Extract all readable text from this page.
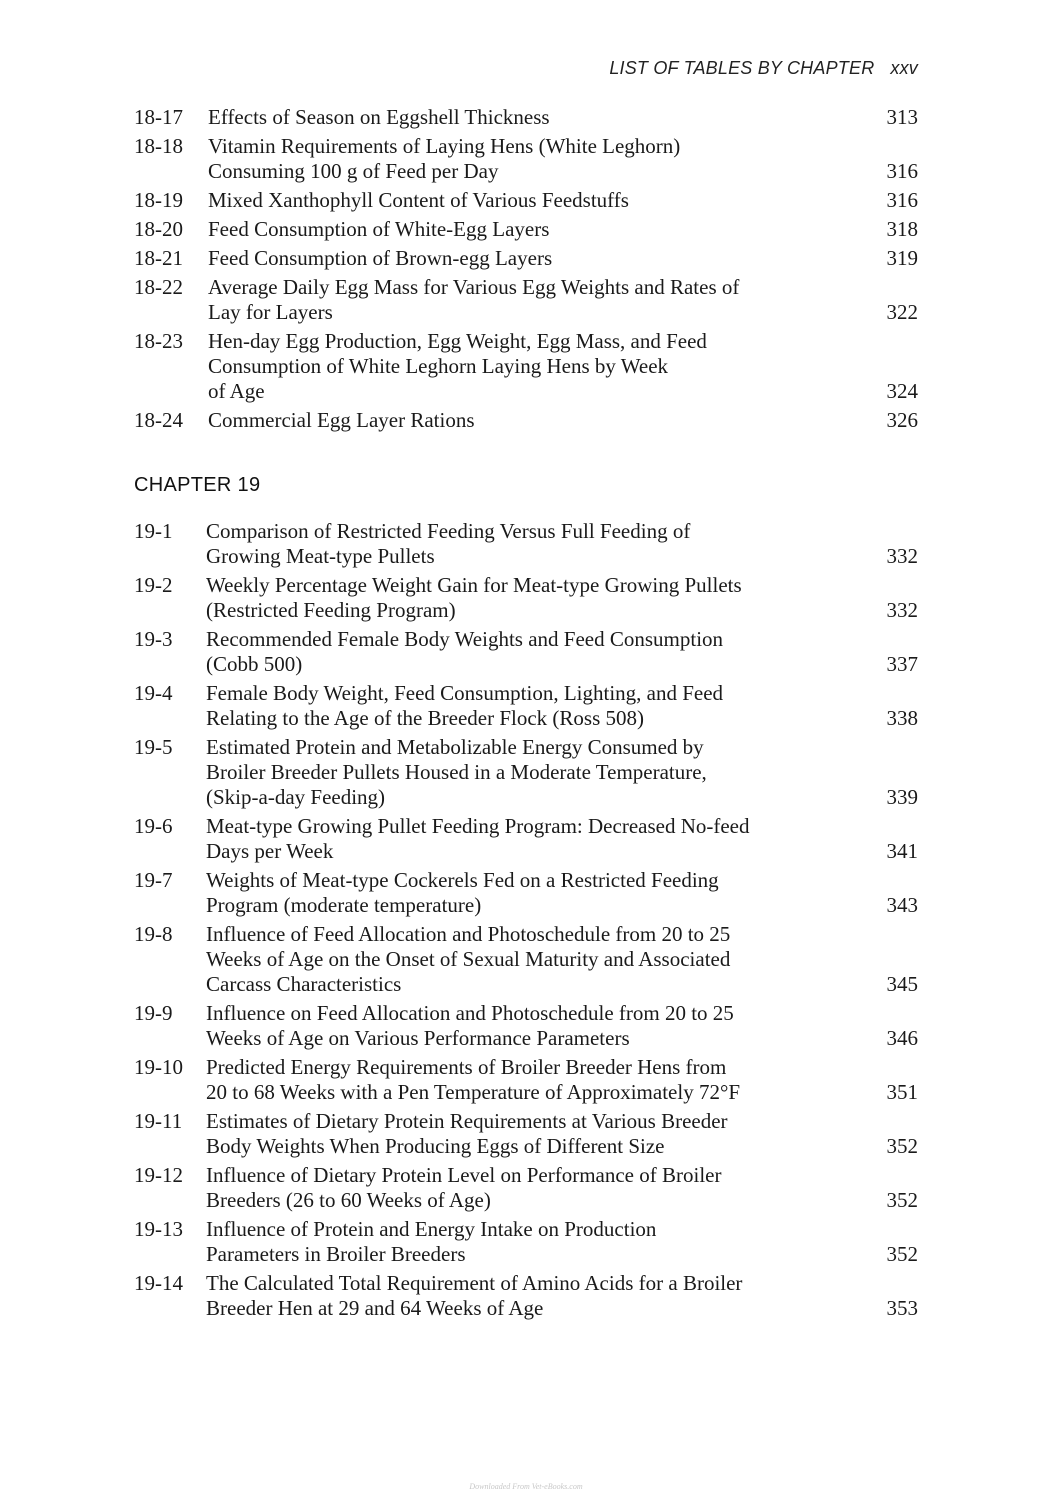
LIST OF TABLES BY CHAPTER xxv
18-17	Effects of Season on Eggshell Thickness	313
18-18	Vitamin Requirements of Laying Hens (White Leghorn)
Consuming 100 g of Feed per Day	316
18-19	Mixed Xanthophyll Content of Various Feedstuffs	316
18-20	Feed Consumption of White-Egg Layers	318
18-21	Feed Consumption of Brown-egg Layers	319
18-22	Average Daily Egg Mass for Various Egg Weights and Rates of
Lay for Layers	322
18-23	Hen-day Egg Production, Egg Weight, Egg Mass, and Feed
Consumption of White Leghorn Laying Hens by Week
of Age	324
18-24	Commercial Egg Layer Rations	326
CHAPTER 19
19-1	Comparison of Restricted Feeding Versus Full Feeding of
Growing Meat-type Pullets	332
19-2	Weekly Percentage Weight Gain for Meat-type Growing Pullets
(Restricted Feeding Program)	332
19-3	Recommended Female Body Weights and Feed Consumption
(Cobb 500)	337
19-4	Female Body Weight, Feed Consumption, Lighting, and Feed
Relating to the Age of the Breeder Flock (Ross 508)	338
19-5	Estimated Protein and Metabolizable Energy Consumed by
Broiler Breeder Pullets Housed in a Moderate Temperature,
(Skip-a-day Feeding)	339
19-6	Meat-type Growing Pullet Feeding Program: Decreased No-feed
Days per Week	341
19-7	Weights of Meat-type Cockerels Fed on a Restricted Feeding
Program (moderate temperature)	343
19-8	Influence of Feed Allocation and Photoschedule from 20 to 25
Weeks of Age on the Onset of Sexual Maturity and Associated
Carcass Characteristics	345
19-9	Influence on Feed Allocation and Photoschedule from 20 to 25
Weeks of Age on Various Performance Parameters	346
19-10	Predicted Energy Requirements of Broiler Breeder Hens from
20 to 68 Weeks with a Pen Temperature of Approximately 72°F	351
19-11	Estimates of Dietary Protein Requirements at Various Breeder
Body Weights When Producing Eggs of Different Size	352
19-12	Influence of Dietary Protein Level on Performance of Broiler
Breeders (26 to 60 Weeks of Age)	352
19-13	Influence of Protein and Energy Intake on Production
Parameters in Broiler Breeders	352
19-14	The Calculated Total Requirement of Amino Acids for a Broiler
Breeder Hen at 29 and 64 Weeks of Age	353
Downloaded From Vet-eBooks.com
